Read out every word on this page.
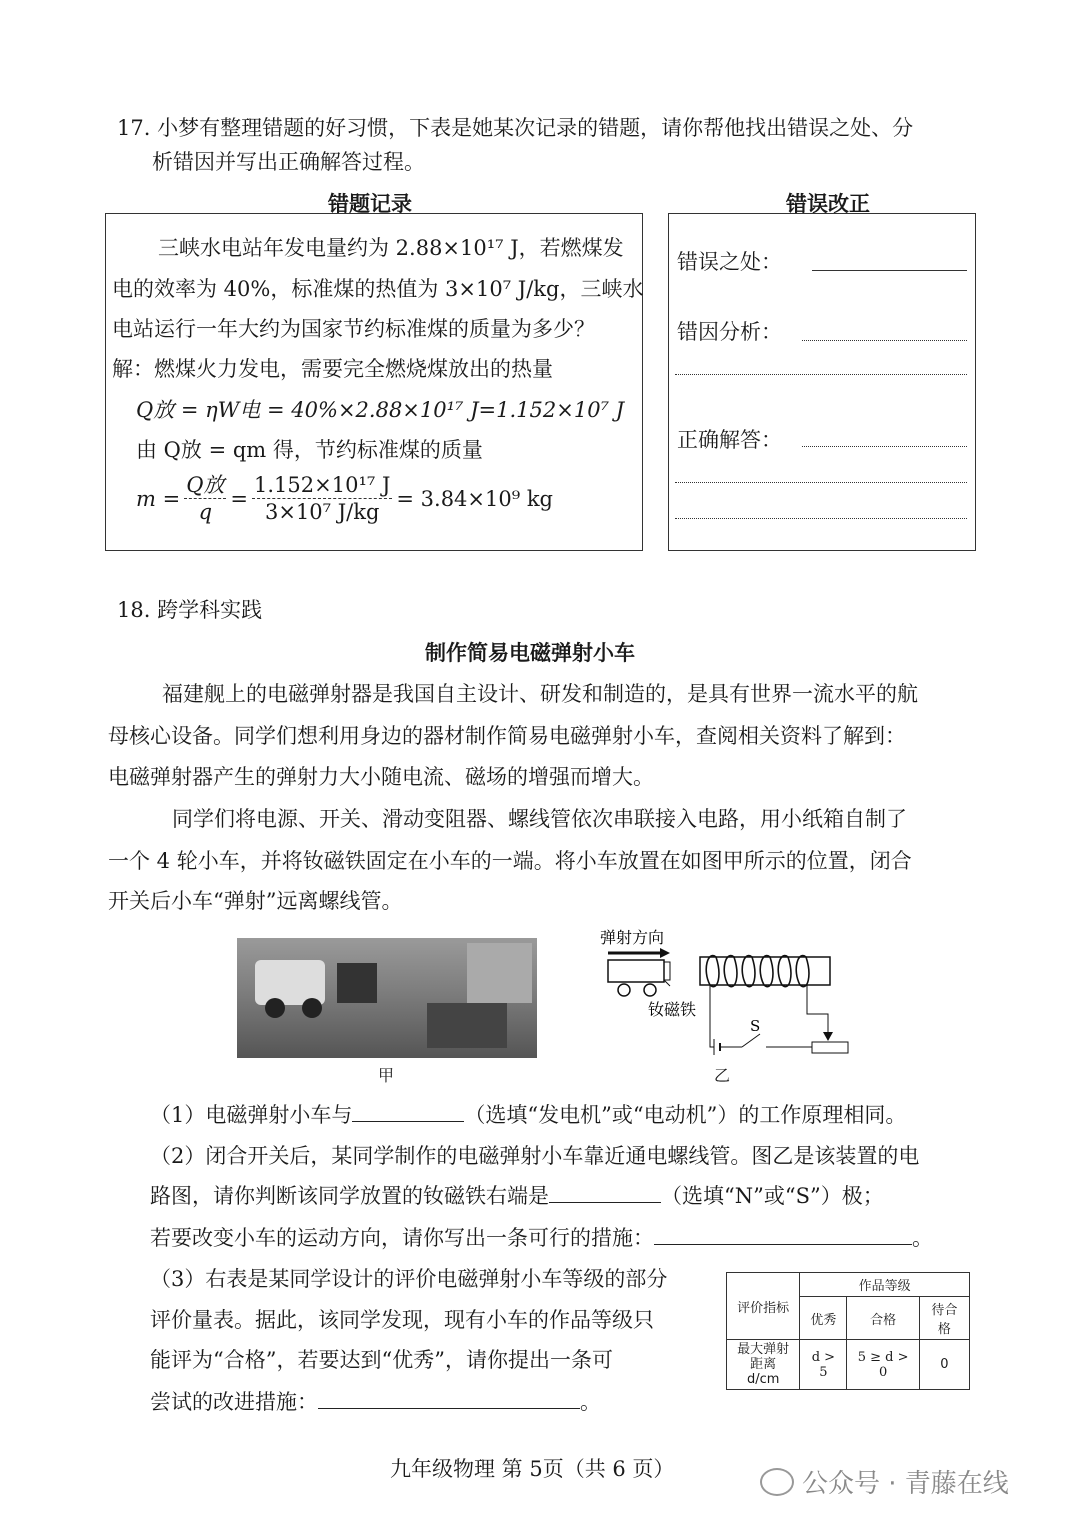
17. 小梦有整理错题的好习惯，下表是她某次记录的错题，请你帮他找出错误之处、分
析错因并写出正确解答过程。
错题记录	错误改正
三峡水电站年发电量约为 2.88×10¹⁷ J，若燃煤发
电的效率为 40%，标准煤的热值为 3×10⁷ J/kg，三峡水
电站运行一年大约为国家节约标准煤的质量为多少？
解：燃煤火力发电，需要完全燃烧煤放出的热量
Q放 = ηW电 = 40%×2.88×10¹⁷ J=1.152×10⁷ J
由 Q放 = qm 得，节约标准煤的质量
$m = \frac{\text{Q放}}{q} = \frac{\text{1.152×10¹⁷ J}}{\text{3×10⁷ J/kg}} = 3.84\times 10^9$ kg
错误之处：
错因分析：
正确解答：
18. 跨学科实践
制作简易电磁弹射小车
福建舰上的电磁弹射器是我国自主设计、研发和制造的，是具有世界一流水平的航
母核心设备。同学们想利用身边的器材制作简易电磁弹射小车，查阅相关资料了解到：
电磁弹射器产生的弹射力大小随电流、磁场的增强而增大。
同学们将电源、开关、滑动变阻器、螺线管依次串联接入电路，用小纸箱自制了
一个 4 轮小车，并将钕磁铁固定在小车的一端。将小车放置在如图甲所示的位置，闭合
开关后小车“弹射”远离螺线管。
甲
弹射方向
钕磁铁
S
乙
（1）电磁弹射小车与	（选填“发电机”或“电动机”）的工作原理相同。
（2）闭合开关后，某同学制作的电磁弹射小车靠近通电螺线管。图乙是该装置的电
路图，请你判断该同学放置的钕磁铁右端是	（选填“N”或“S”）极；
若要改变小车的运动方向，请你写出一条可行的措施：	。
（3）右表是某同学设计的评价电磁弹射小车等级的部分
评价量表。据此，该同学发现，现有小车的作品等级只
能评为“合格”，若要达到“优秀”，请你提出一条可
尝试的改进措施：	。
评价指标	作品等级		
	优秀	合格	待合格
最大弹射
距离 d/cm	d > 5	5 ≥ d > 0	0
九年级物理 第 5页（共 6 页）	公众号 · 青藤在线
